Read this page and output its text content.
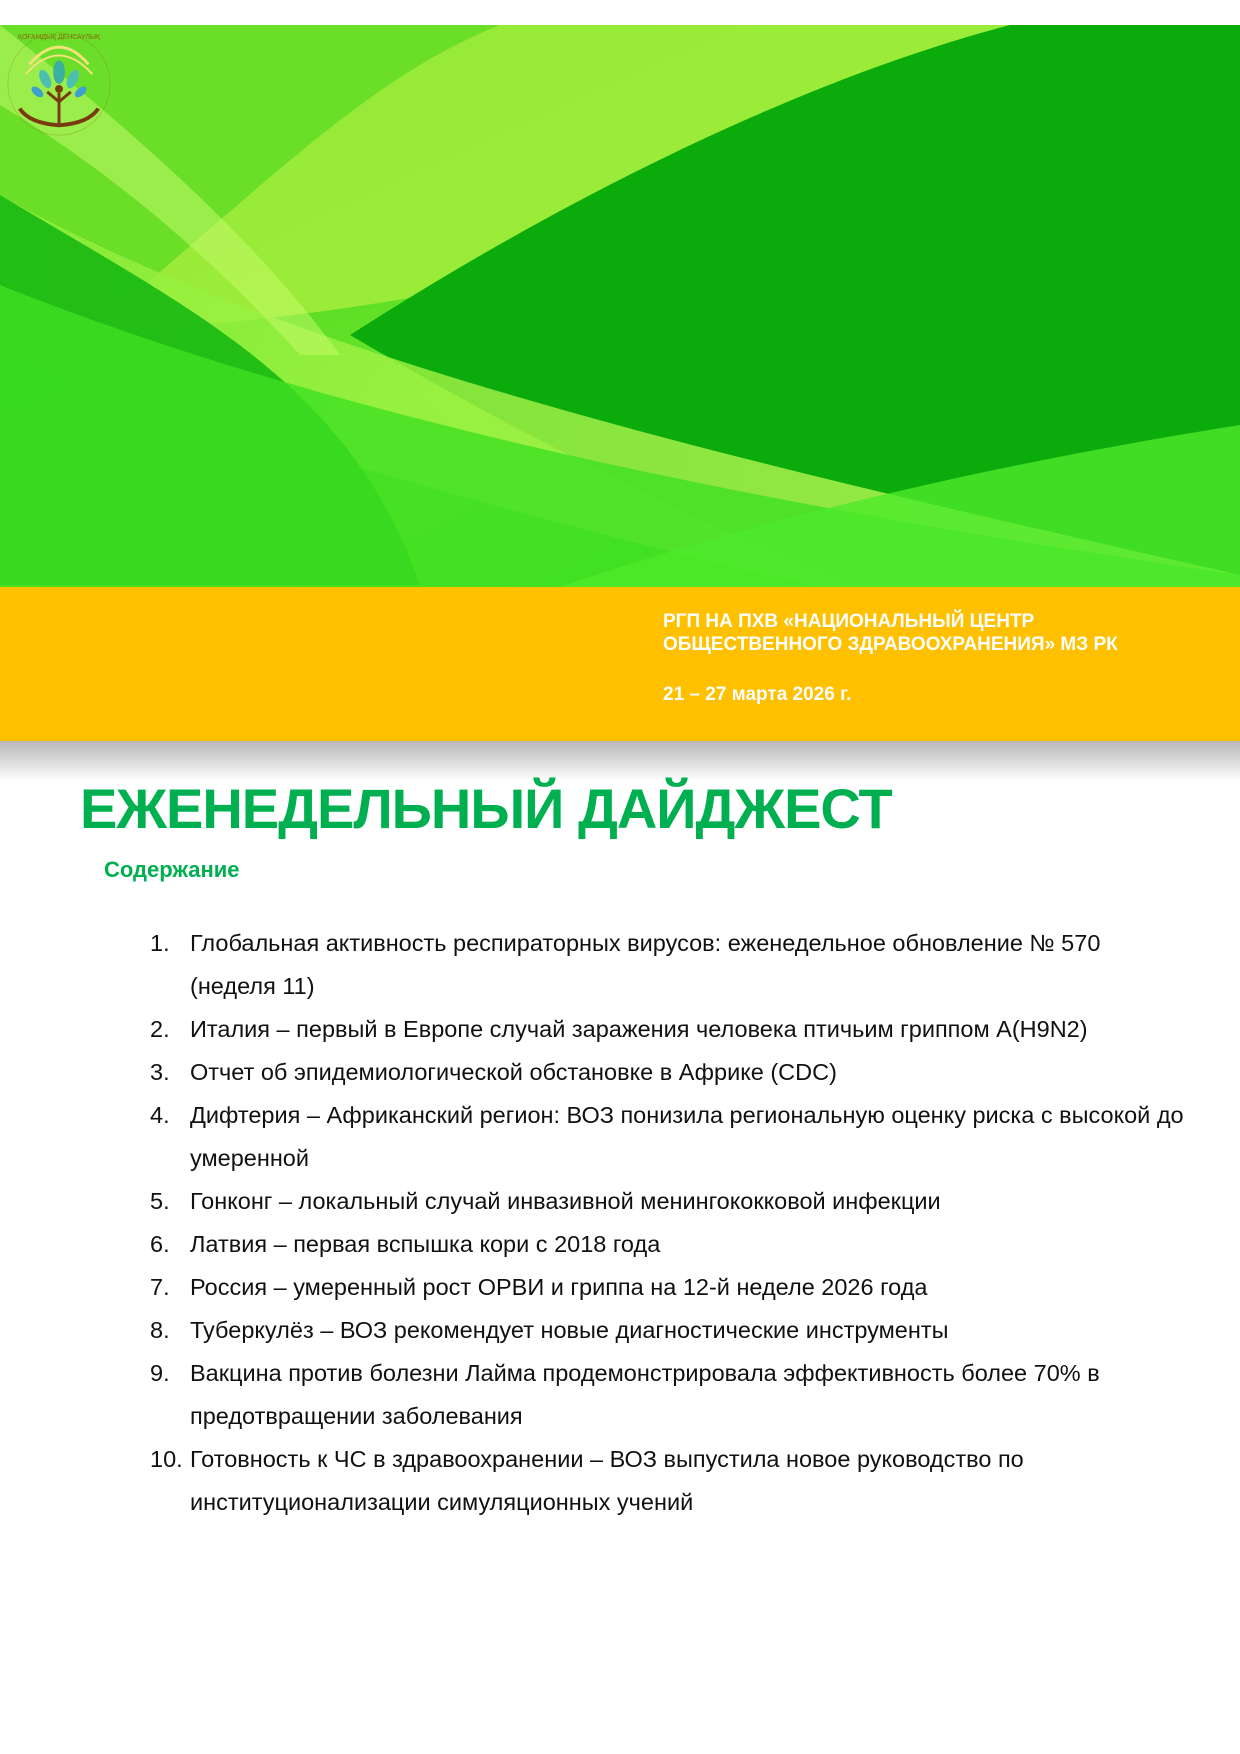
ҚОҒАМДЫҚ ДЕНСАУЛЫҚ
РГП НА ПХВ «НАЦИОНАЛЬНЫЙ ЦЕНТР
ОБЩЕСТВЕННОГО ЗДРАВООХРАНЕНИЯ» МЗ РК
21 – 27 марта 2026 г.
ЕЖЕНЕДЕЛЬНЫЙ ДАЙДЖЕСТ
Содержание
1. Глобальная активность респираторных вирусов: еженедельное обновление № 570 (неделя 11)
2. Италия – первый в Европе случай заражения человека птичьим гриппом A(H9N2)
3. Отчет об эпидемиологической обстановке в Африке (CDC)
4. Дифтерия – Африканский регион: ВОЗ понизила региональную оценку риска с высокой до умеренной
5. Гонконг – локальный случай инвазивной менингококковой инфекции
6. Латвия – первая вспышка кори с 2018 года
7. Россия – умеренный рост ОРВИ и гриппа на 12-й неделе 2026 года
8. Туберкулёз – ВОЗ рекомендует новые диагностические инструменты
9. Вакцина против болезни Лайма продемонстрировала эффективность более 70% в предотвращении заболевания
10. Готовность к ЧС в здравоохранении – ВОЗ выпустила новое руководство по институционализации симуляционных учений
